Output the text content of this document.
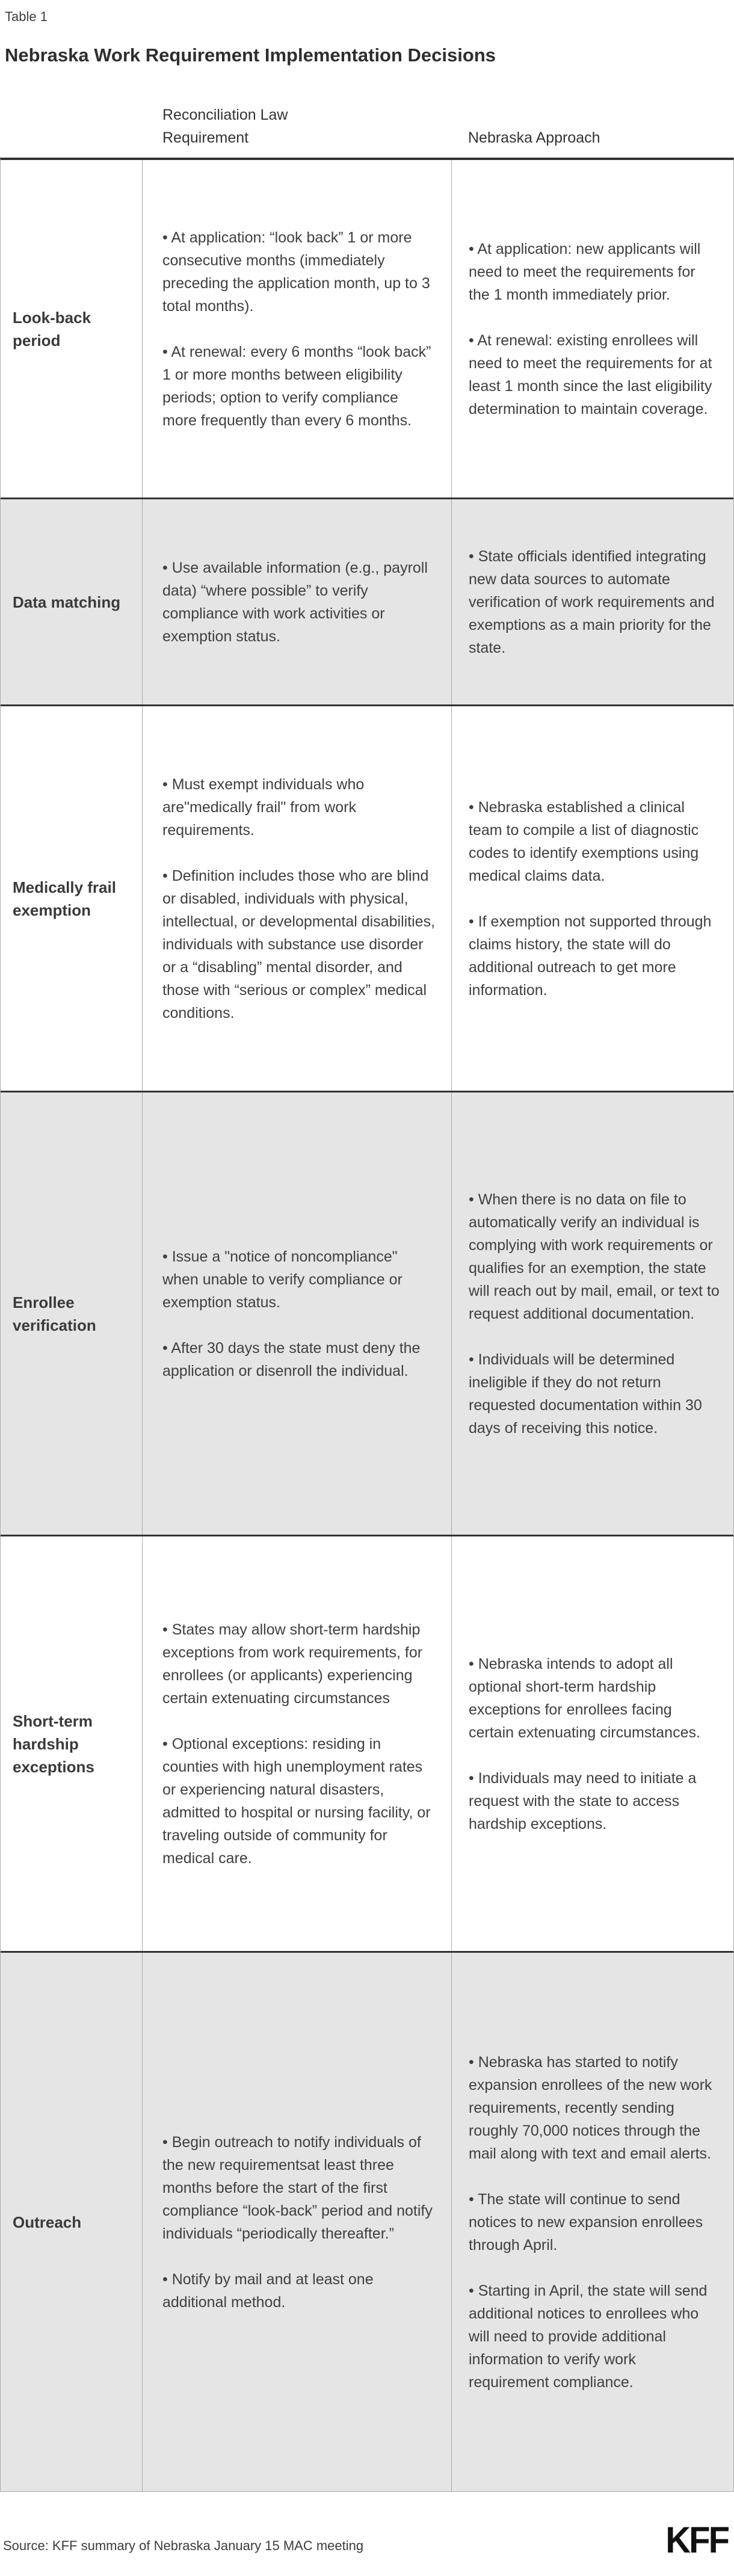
Table 1
Nebraska Work Requirement Implementation Decisions
Reconciliation Law Requirement	Nebraska Approach
Look-back period

• At application: “look back” 1 or more consecutive months (immediately preceding the application month, up to 3 total months).

• At renewal: every 6 months “look back” 1 or more months between eligibility periods; option to verify compliance more frequently than every 6 months.

• At application: new applicants will need to meet the requirements for the 1 month immediately prior.

• At renewal: existing enrollees will need to meet the requirements for at least 1 month since the last eligibility determination to maintain coverage.

Data matching

• Use available information (e.g., payroll data) “where possible” to verify compliance with work activities or exemption status.

• State officials identified integrating new data sources to automate verification of work requirements and exemptions as a main priority for the state.

Medically frail exemption

• Must exempt individuals who are"medically frail" from work requirements.

• Definition includes those who are blind or disabled, individuals with physical, intellectual, or developmental disabilities, individuals with substance use disorder or a “disabling” mental disorder, and those with “serious or complex” medical conditions.

• Nebraska established a clinical team to compile a list of diagnostic codes to identify exemptions using medical claims data.

• If exemption not supported through claims history, the state will do additional outreach to get more information.

Enrollee verification

• Issue a "notice of noncompliance" when unable to verify compliance or exemption status.

• After 30 days the state must deny the application or disenroll the individual.

• When there is no data on file to automatically verify an individual is complying with work requirements or qualifies for an exemption, the state will reach out by mail, email, or text to request additional documentation.

• Individuals will be determined ineligible if they do not return requested documentation within 30 days of receiving this notice.

Short-term hardship exceptions

• States may allow short-term hardship exceptions from work requirements, for enrollees (or applicants) experiencing certain extenuating circumstances

• Optional exceptions: residing in counties with high unemployment rates or experiencing natural disasters, admitted to hospital or nursing facility, or traveling outside of community for medical care.

• Nebraska intends to adopt all optional short-term hardship exceptions for enrollees facing certain extenuating circumstances.

• Individuals may need to initiate a request with the state to access hardship exceptions.

Outreach

• Begin outreach to notify individuals of the new requirementsat least three months before the start of the first compliance “look-back” period and notify individuals “periodically thereafter.”

• Notify by mail and at least one additional method.

• Nebraska has started to notify expansion enrollees of the new work requirements, recently sending roughly 70,000 notices through the mail along with text and email alerts.

• The state will continue to send notices to new expansion enrollees through April.

• Starting in April, the state will send additional notices to enrollees who will need to provide additional information to verify work requirement compliance.

Source: KFF summary of Nebraska January 15 MAC meeting	KFF
